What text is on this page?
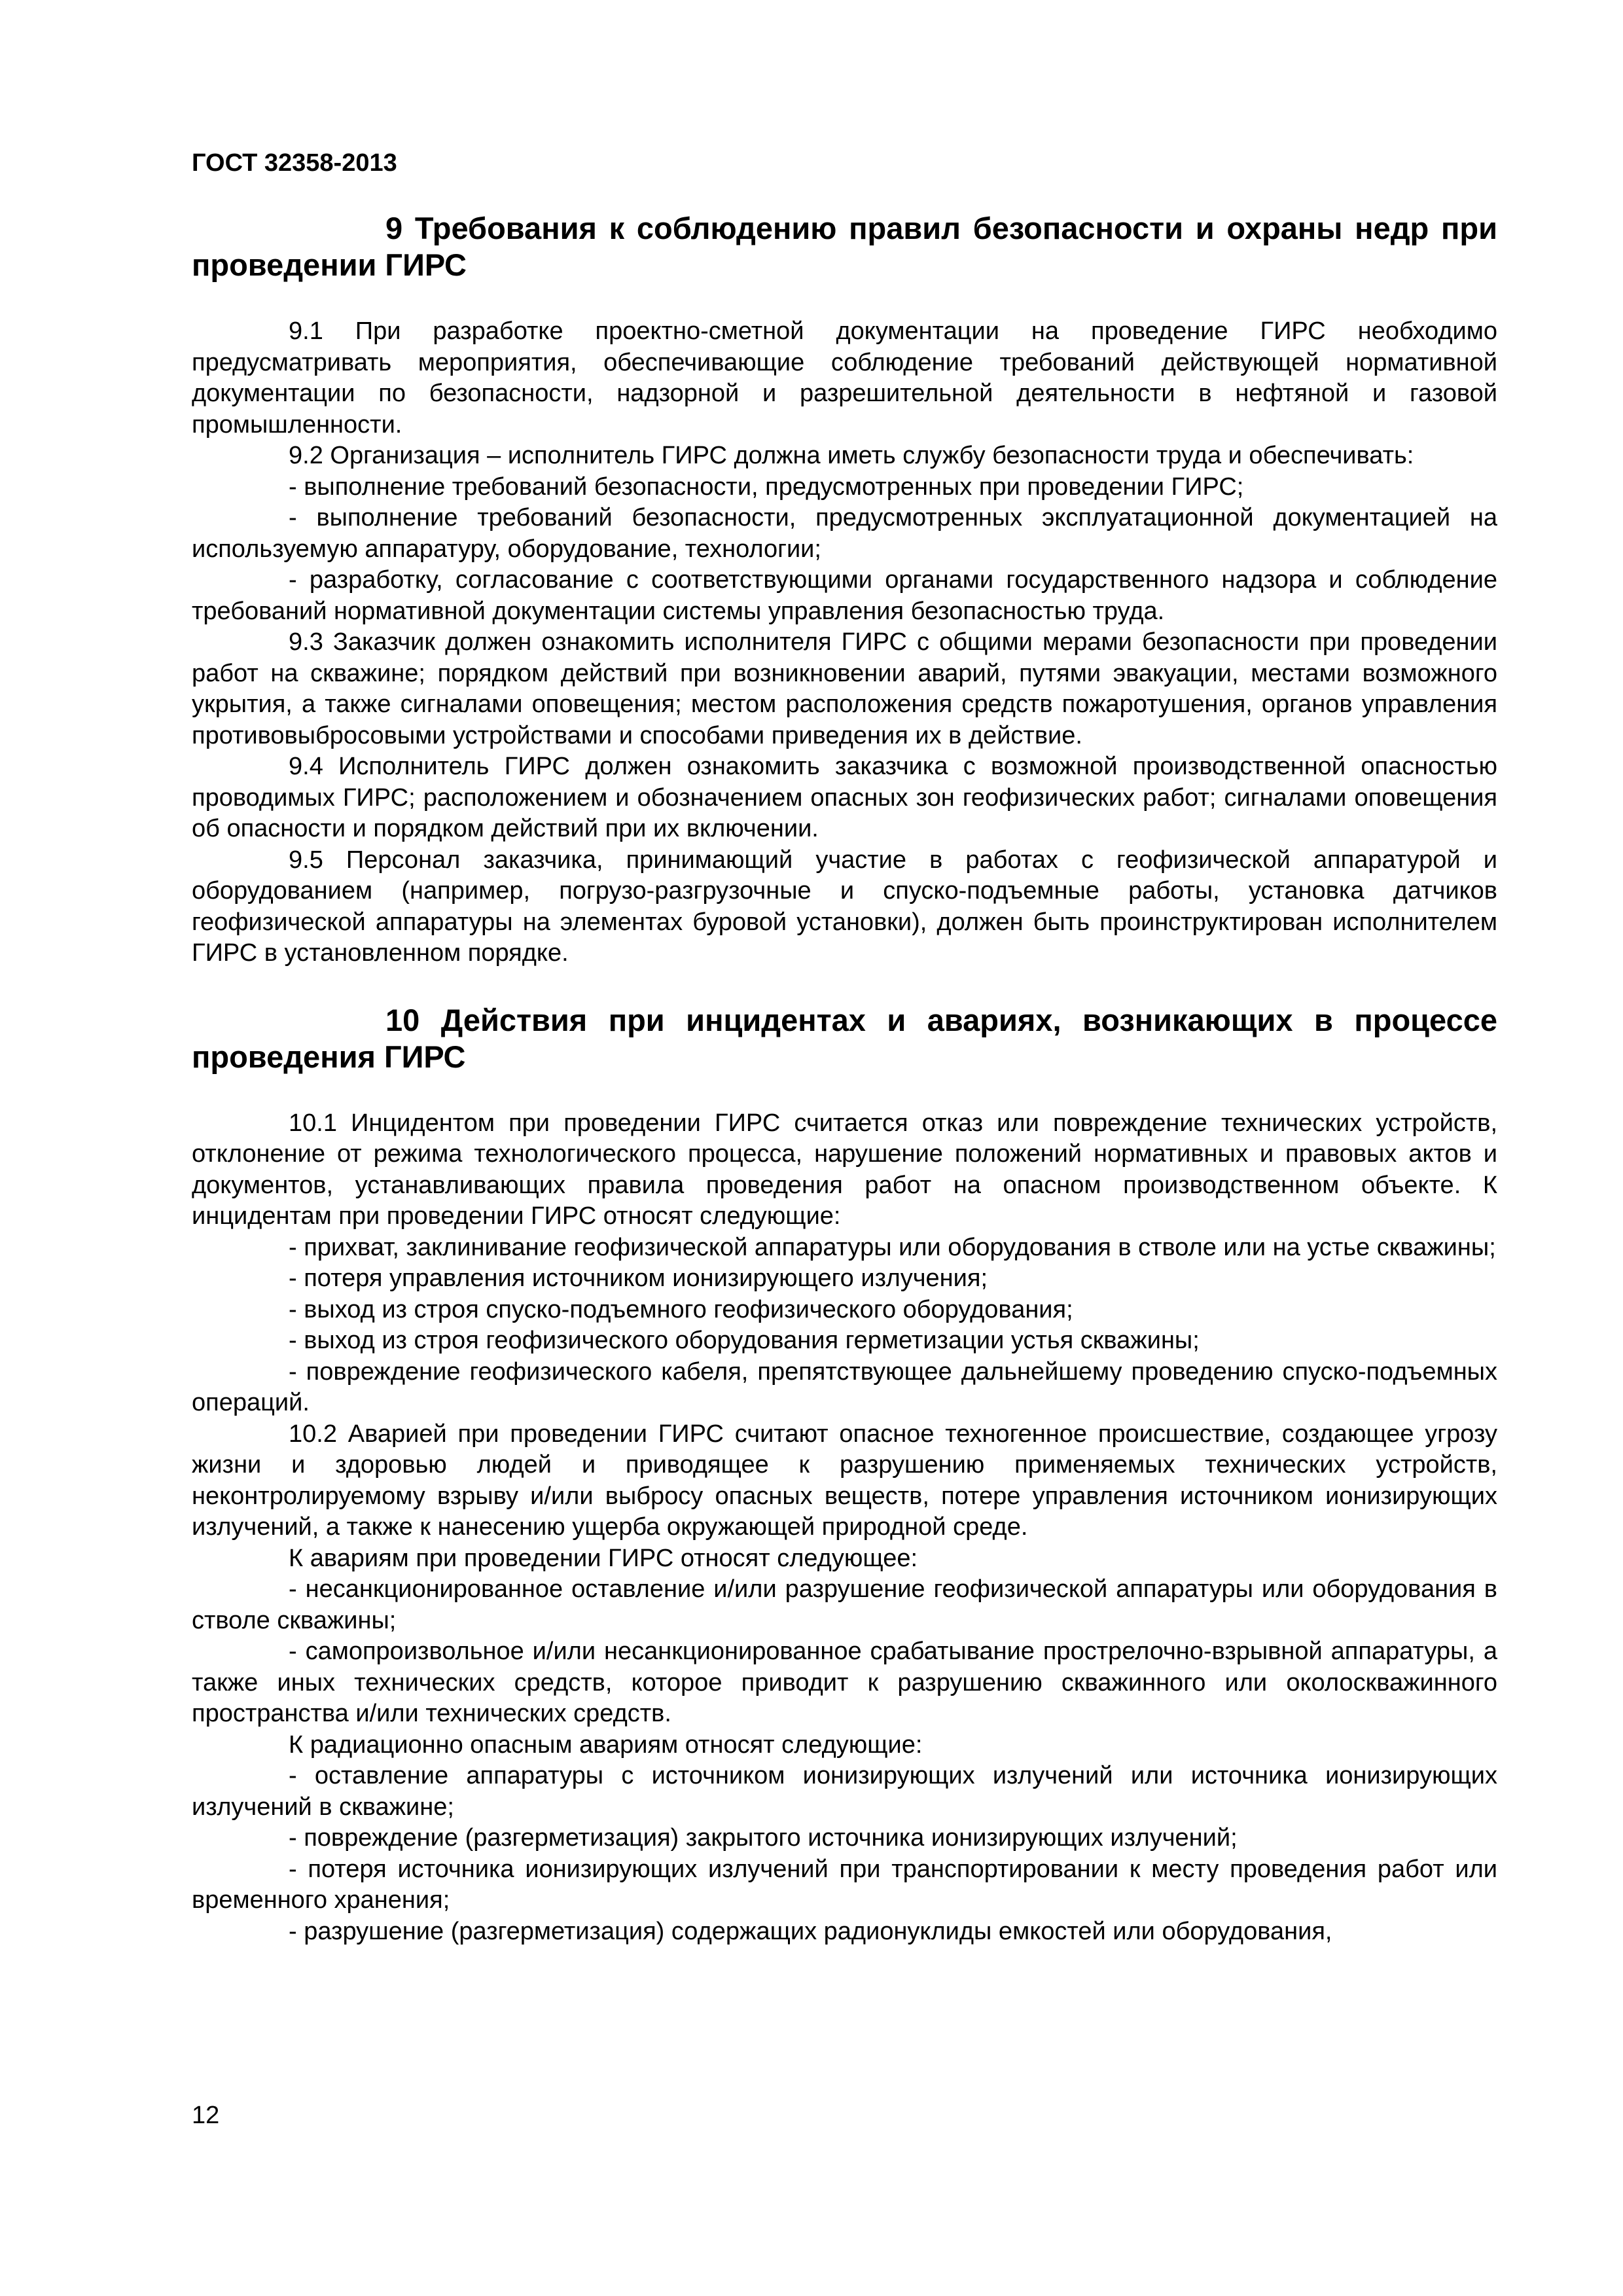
ГОСТ 32358-2013
9 Требования к соблюдению правил безопасности и охраны недр при проведении ГИРС

9.1 При разработке проектно-сметной документации на проведение ГИРС необходимо предусматривать мероприятия, обеспечивающие соблюдение требований действующей нормативной документации по безопасности, надзорной и разрешительной деятельности в нефтяной и газовой промышленности.

9.2 Организация – исполнитель ГИРС должна иметь службу безопасности труда и обеспечивать:

- выполнение требований безопасности, предусмотренных при проведении ГИРС;

- выполнение требований безопасности, предусмотренных эксплуатационной документацией на используемую аппаратуру, оборудование, технологии;

- разработку, согласование с соответствующими органами государственного надзора и соблюдение требований нормативной документации системы управления безопасностью труда.

9.3 Заказчик должен ознакомить исполнителя ГИРС с общими мерами безопасности при проведении работ на скважине; порядком действий при возникновении аварий, путями эвакуации, местами возможного укрытия, а также сигналами оповещения; местом расположения средств пожаротушения, органов управления противовыбросовыми устройствами и способами приведения их в действие.

9.4 Исполнитель ГИРС должен ознакомить заказчика с возможной производственной опасностью проводимых ГИРС; расположением и обозначением опасных зон геофизических работ; сигналами оповещения об опасности и порядком действий при их включении.

9.5 Персонал заказчика, принимающий участие в работах с геофизической аппаратурой и оборудованием (например, погрузо-разгрузочные и спуско-подъемные работы, установка датчиков геофизической аппаратуры на элементах буровой установки), должен быть проинструктирован исполнителем ГИРС в установленном порядке.

10 Действия при инцидентах и авариях, возникающих в процессе проведения ГИРС

10.1 Инцидентом при проведении ГИРС считается отказ или повреждение технических устройств, отклонение от режима технологического процесса, нарушение положений нормативных и правовых актов и документов, устанавливающих правила проведения работ на опасном производственном объекте. К инцидентам при проведении ГИРС относят следующие:

- прихват, заклинивание геофизической аппаратуры или оборудования в стволе или на устье скважины;

- потеря управления источником ионизирующего излучения;

- выход из строя спуско-подъемного геофизического оборудования;

- выход из строя геофизического оборудования герметизации устья скважины;

- повреждение геофизического кабеля, препятствующее дальнейшему проведению спуско-подъемных операций.

10.2 Аварией при проведении ГИРС считают опасное техногенное происшествие, создающее угрозу жизни и здоровью людей и приводящее к разрушению применяемых технических устройств, неконтролируемому взрыву и/или выбросу опасных веществ, потере управления источником ионизирующих излучений, а также к нанесению ущерба окружающей природной среде.

К авариям при проведении ГИРС относят следующее:

- несанкционированное оставление и/или разрушение геофизической аппаратуры или оборудования в стволе скважины;

- самопроизвольное и/или несанкционированное срабатывание прострелочно-взрывной аппаратуры, а также иных технических средств, которое приводит к разрушению скважинного или околоскважинного пространства и/или технических средств.

К радиационно опасным авариям относят следующие:

- оставление аппаратуры с источником ионизирующих излучений или источника ионизирующих излучений в скважине;

- повреждение (разгерметизация) закрытого источника ионизирующих излучений;

- потеря источника ионизирующих излучений при транспортировании к месту проведения работ или временного хранения;

- разрушение (разгерметизация) содержащих радионуклиды емкостей или оборудования,

12
